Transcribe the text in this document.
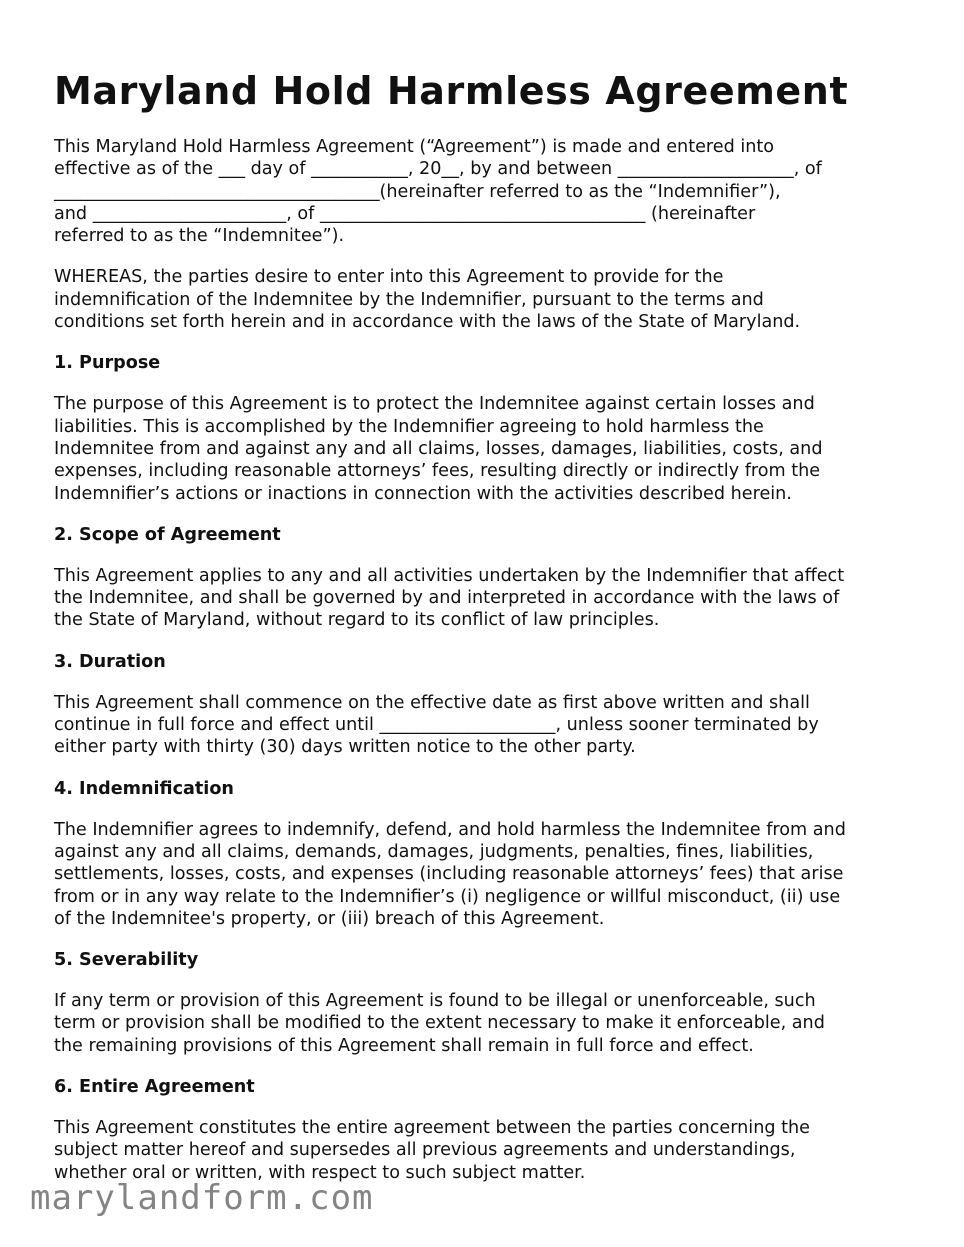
Maryland Hold Harmless Agreement

This Maryland Hold Harmless Agreement (“Agreement”) is made and entered into
effective as of the ___ day of ___________, 20__, by and between ____________________, of
_____________________________________(hereinafter referred to as the “Indemnifier”),
and ______________________, of _____________________________________ (hereinafter
referred to as the “Indemnitee”).

WHEREAS, the parties desire to enter into this Agreement to provide for the
indemnification of the Indemnitee by the Indemnifier, pursuant to the terms and
conditions set forth herein and in accordance with the laws of the State of Maryland.

1. Purpose

The purpose of this Agreement is to protect the Indemnitee against certain losses and
liabilities. This is accomplished by the Indemnifier agreeing to hold harmless the
Indemnitee from and against any and all claims, losses, damages, liabilities, costs, and
expenses, including reasonable attorneys’ fees, resulting directly or indirectly from the
Indemnifier’s actions or inactions in connection with the activities described herein.

2. Scope of Agreement

This Agreement applies to any and all activities undertaken by the Indemnifier that affect
the Indemnitee, and shall be governed by and interpreted in accordance with the laws of
the State of Maryland, without regard to its conflict of law principles.

3. Duration

This Agreement shall commence on the effective date as first above written and shall
continue in full force and effect until ____________________, unless sooner terminated by
either party with thirty (30) days written notice to the other party.

4. Indemnification

The Indemnifier agrees to indemnify, defend, and hold harmless the Indemnitee from and
against any and all claims, demands, damages, judgments, penalties, fines, liabilities,
settlements, losses, costs, and expenses (including reasonable attorneys’ fees) that arise
from or in any way relate to the Indemnifier’s (i) negligence or willful misconduct, (ii) use
of the Indemnitee's property, or (iii) breach of this Agreement.

5. Severability

If any term or provision of this Agreement is found to be illegal or unenforceable, such
term or provision shall be modified to the extent necessary to make it enforceable, and
the remaining provisions of this Agreement shall remain in full force and effect.

6. Entire Agreement

This Agreement constitutes the entire agreement between the parties concerning the
subject matter hereof and supersedes all previous agreements and understandings,
whether oral or written, with respect to such subject matter.

marylandform.com
